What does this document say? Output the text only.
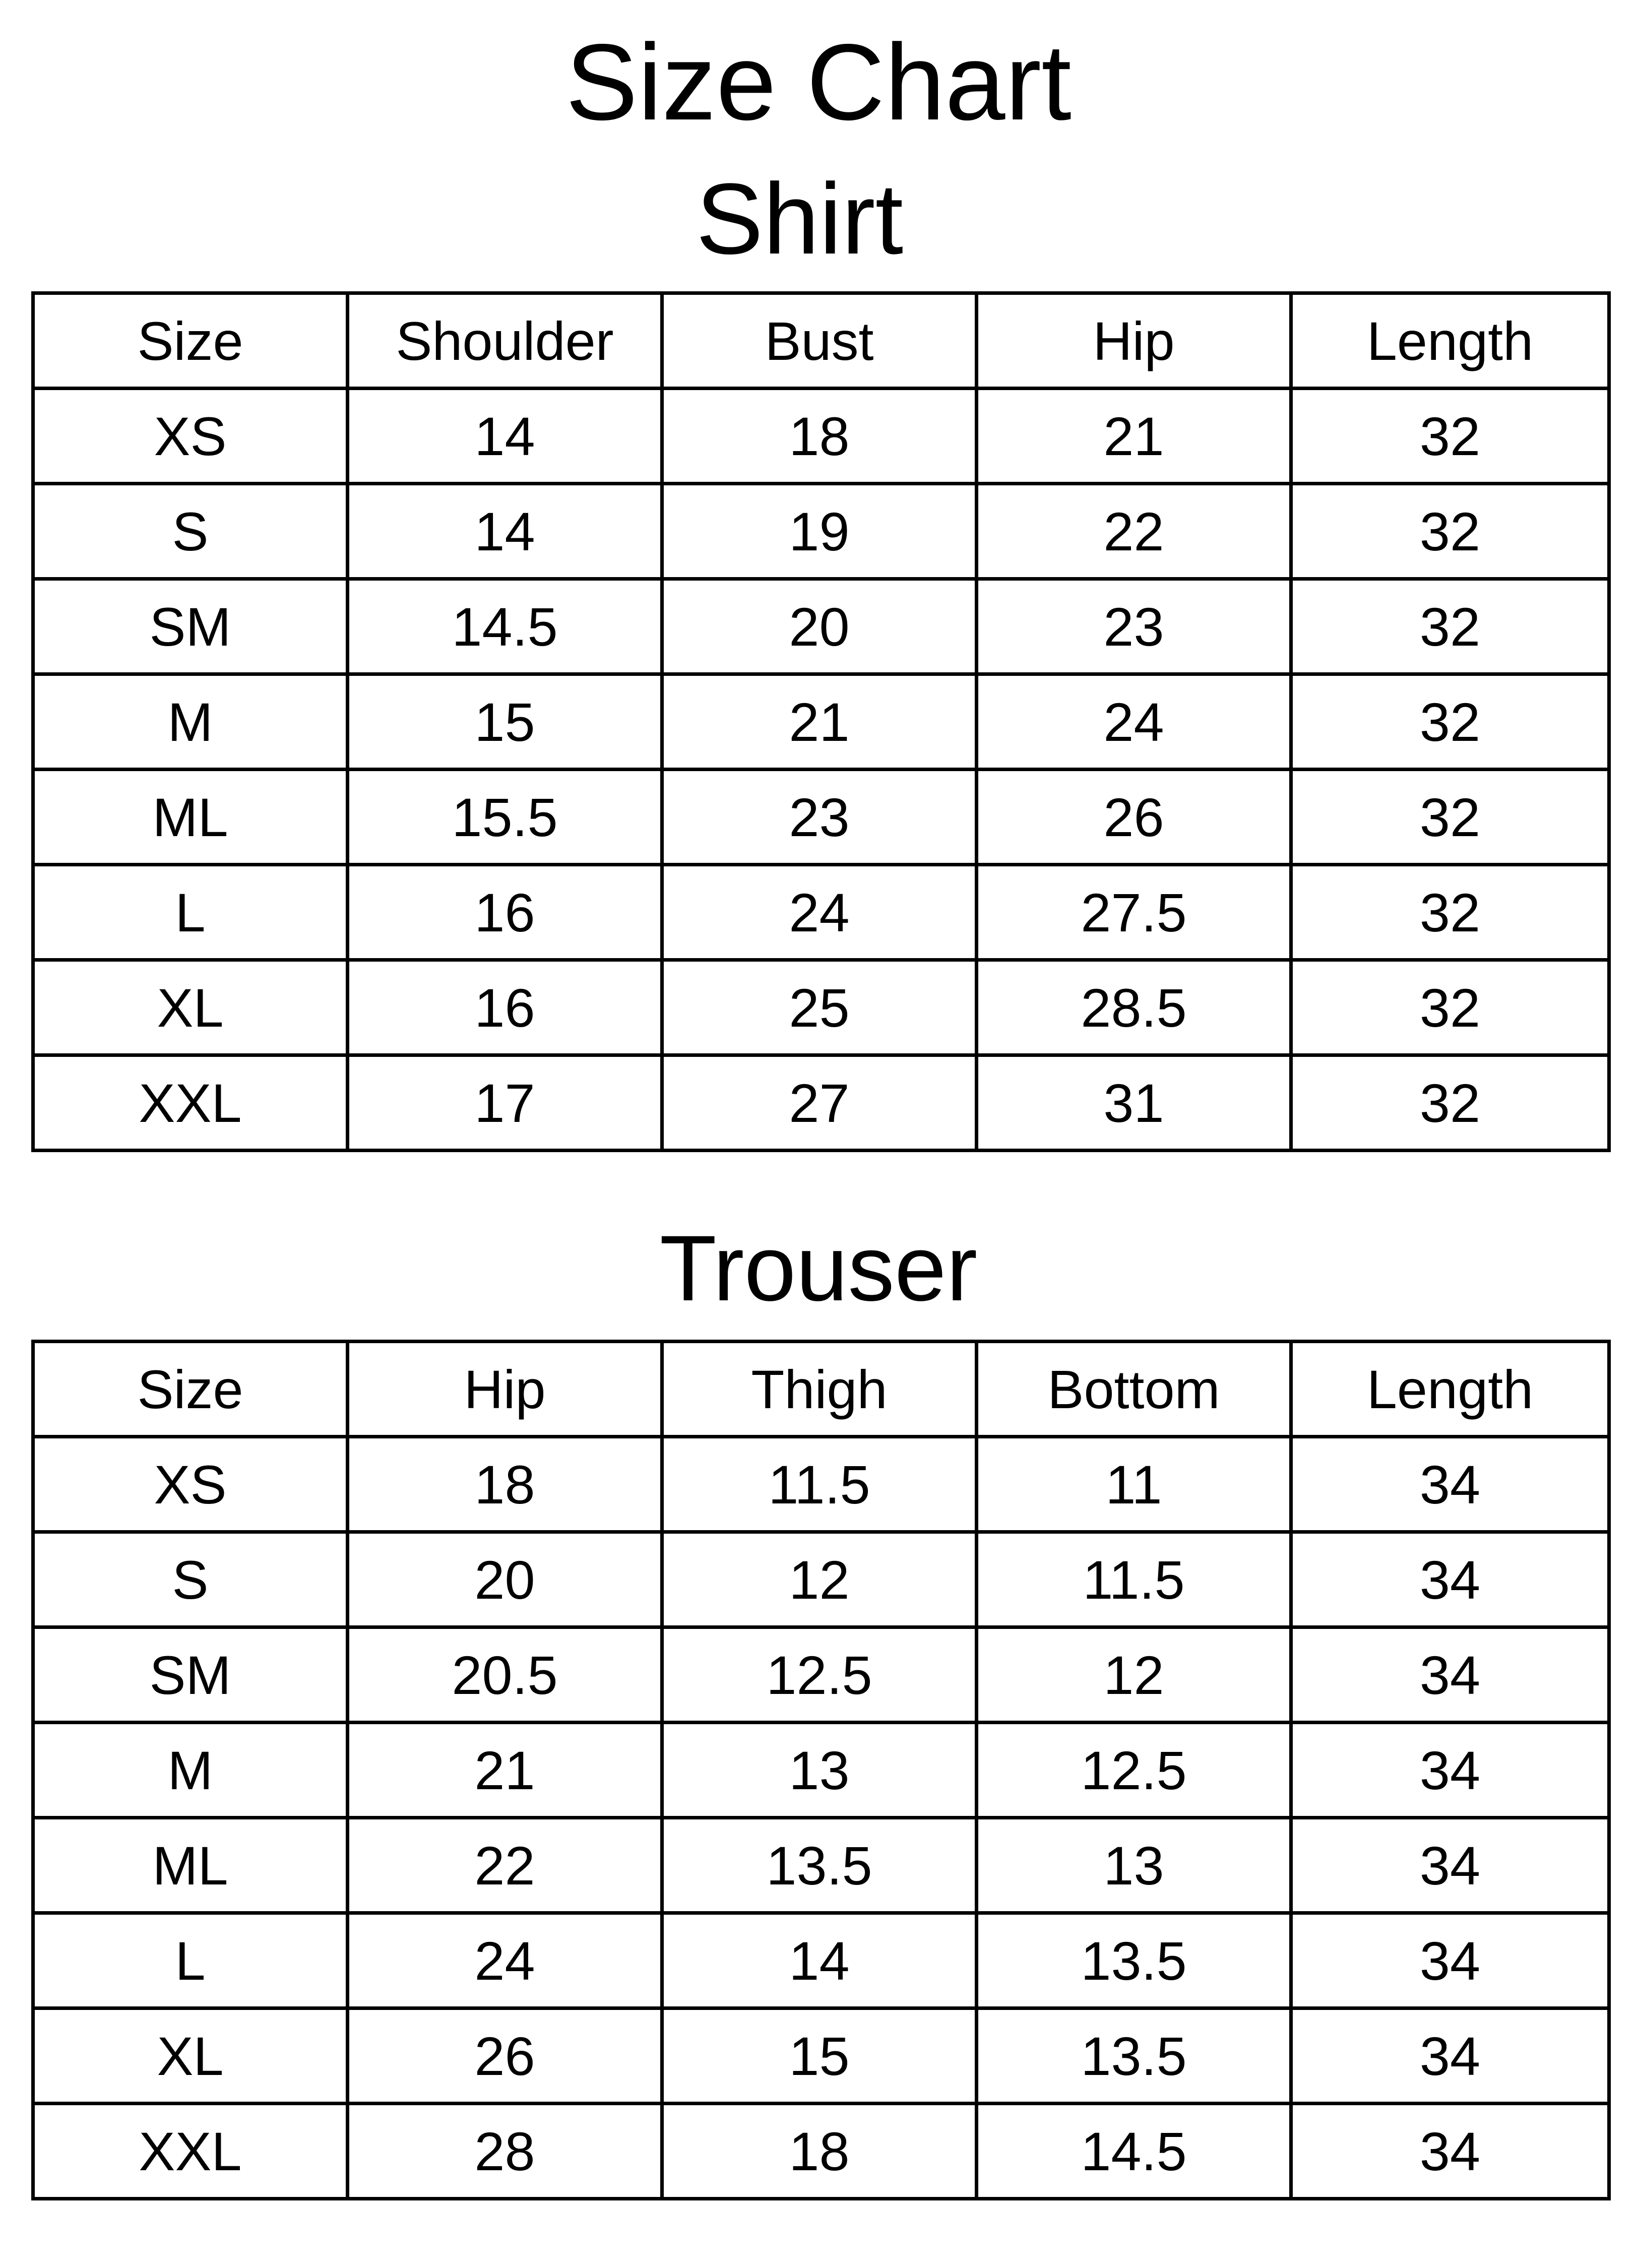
Size Chart
Shirt
Size	Shoulder	Bust	Hip	Length
XS	14	18	21	32
S	14	19	22	32
SM	14.5	20	23	32
M	15	21	24	32
ML	15.5	23	26	32
L	16	24	27.5	32
XL	16	25	28.5	32
XXL	17	27	31	32
Trouser
Size	Hip	Thigh	Bottom	Length
XS	18	11.5	11	34
S	20	12	11.5	34
SM	20.5	12.5	12	34
M	21	13	12.5	34
ML	22	13.5	13	34
L	24	14	13.5	34
XL	26	15	13.5	34
XXL	28	18	14.5	34
